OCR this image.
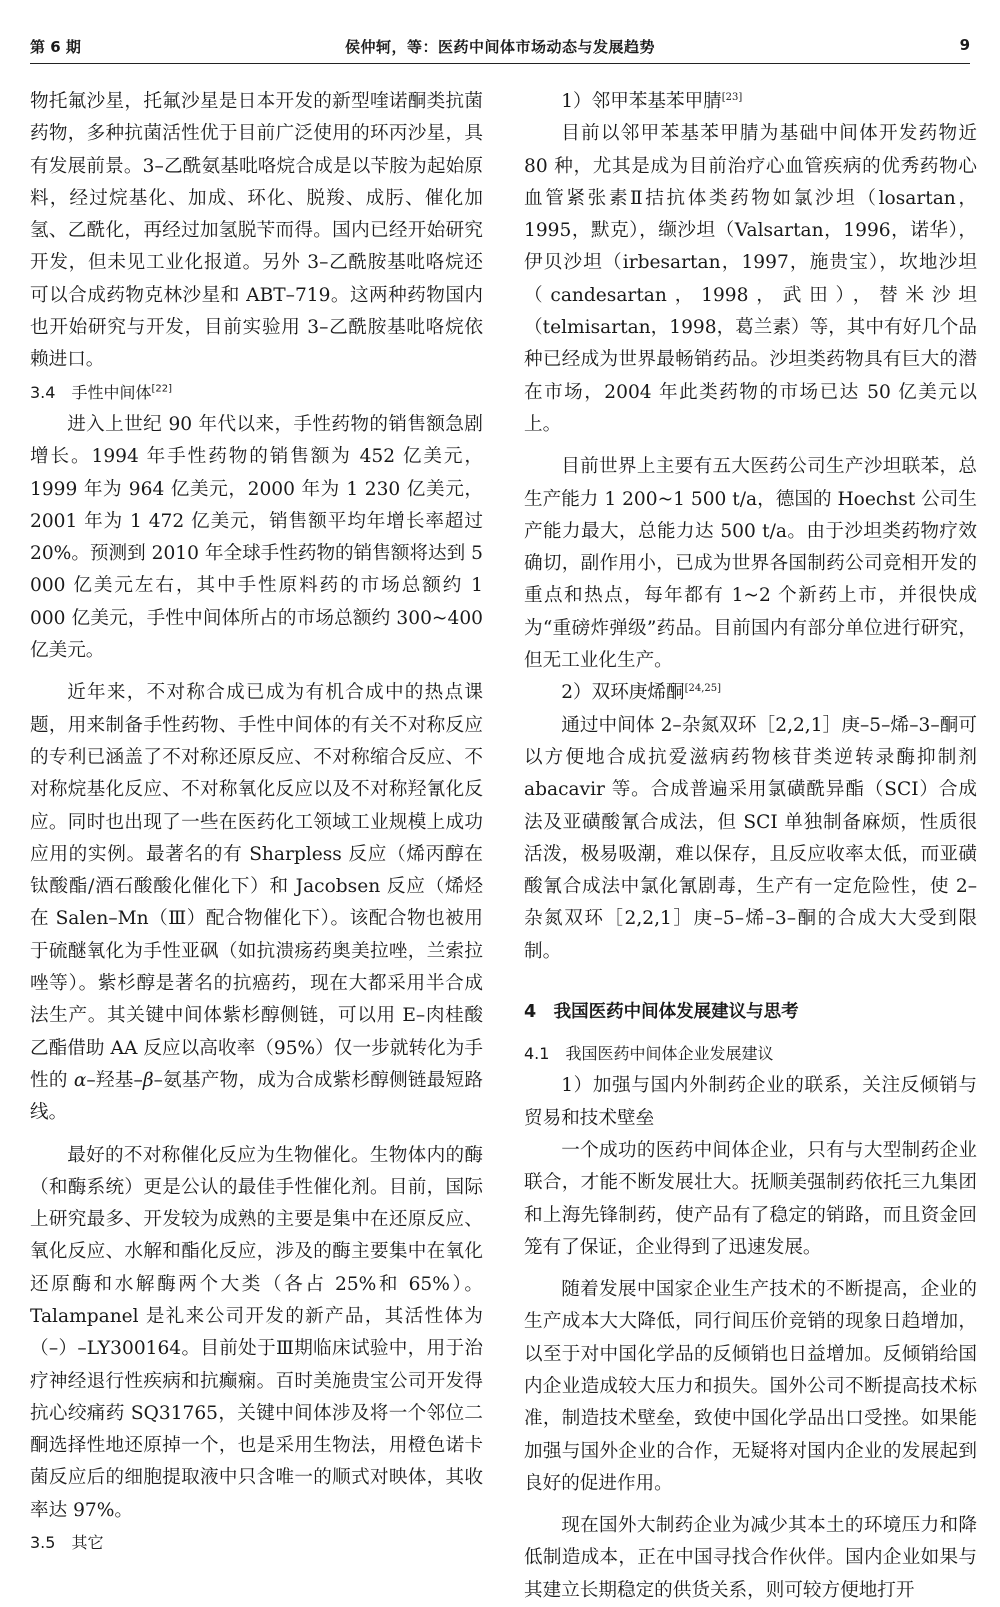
第 6 期	侯仲轲，等：医药中间体市场动态与发展趋势	9

物托氟沙星，托氟沙星是日本开发的新型喹诺酮类抗菌药物，多种抗菌活性优于目前广泛使用的环丙沙星，具有发展前景。3–乙酰氨基吡咯烷合成是以苄胺为起始原料，经过烷基化、加成、环化、脱羧、成肟、催化加氢、乙酰化，再经过加氢脱苄而得。国内已经开始研究开发，但未见工业化报道。另外 3–乙酰胺基吡咯烷还可以合成药物克林沙星和 ABT–719。这两种药物国内也开始研究与开发，目前实验用 3–乙酰胺基吡咯烷依赖进口。

3.4　手性中间体[22]

进入上世纪 90 年代以来，手性药物的销售额急剧增长。1994 年手性药物的销售额为 452 亿美元，1999 年为 964 亿美元，2000 年为 1 230 亿美元，2001 年为 1 472 亿美元，销售额平均年增长率超过 20%。预测到 2010 年全球手性药物的销售额将达到 5 000 亿美元左右，其中手性原料药的市场总额约 1 000 亿美元，手性中间体所占的市场总额约 300~400 亿美元。

近年来，不对称合成已成为有机合成中的热点课题，用来制备手性药物、手性中间体的有关不对称反应的专利已涵盖了不对称还原反应、不对称缩合反应、不对称烷基化反应、不对称氧化反应以及不对称羟氰化反应。同时也出现了一些在医药化工领域工业规模上成功应用的实例。最著名的有 Sharpless 反应（烯丙醇在钛酸酯/酒石酸酸化催化下）和 Jacobsen 反应（烯烃在 Salen–Mn（Ⅲ）配合物催化下）。该配合物也被用于硫醚氧化为手性亚砜（如抗溃疡药奥美拉唑，兰索拉唑等）。紫杉醇是著名的抗癌药，现在大都采用半合成法生产。其关键中间体紫杉醇侧链，可以用 E–肉桂酸乙酯借助 AA 反应以高收率（95%）仅一步就转化为手性的 α–羟基–β–氨基产物，成为合成紫杉醇侧链最短路线。

最好的不对称催化反应为生物催化。生物体内的酶（和酶系统）更是公认的最佳手性催化剂。目前，国际上研究最多、开发较为成熟的主要是集中在还原反应、氧化反应、水解和酯化反应，涉及的酶主要集中在氧化还原酶和水解酶两个大类（各占 25%和 65%）。Talampanel 是礼来公司开发的新产品，其活性体为（–）–LY300164。目前处于Ⅲ期临床试验中，用于治疗神经退行性疾病和抗癫痫。百时美施贵宝公司开发得抗心绞痛药 SQ31765，关键中间体涉及将一个邻位二酮选择性地还原掉一个，也是采用生物法，用橙色诺卡菌反应后的细胞提取液中只含唯一的顺式对映体，其收率达 97%。

3.5　其它
1）邻甲苯基苯甲腈[23]

目前以邻甲苯基苯甲腈为基础中间体开发药物近 80 种，尤其是成为目前治疗心血管疾病的优秀药物心血管紧张素Ⅱ拮抗体类药物如氯沙坦（losartan，1995，默克），缬沙坦（Valsartan，1996，诺华），伊贝沙坦（irbesartan，1997，施贵宝），坎地沙坦（candesartan，1998，武田），替米沙坦（telmisartan，1998，葛兰素）等，其中有好几个品种已经成为世界最畅销药品。沙坦类药物具有巨大的潜在市场，2004 年此类药物的市场已达 50 亿美元以上。

目前世界上主要有五大医药公司生产沙坦联苯，总生产能力 1 200~1 500 t/a，德国的 Hoechst 公司生产能力最大，总能力达 500 t/a。由于沙坦类药物疗效确切，副作用小，已成为世界各国制药公司竞相开发的重点和热点，每年都有 1~2 个新药上市，并很快成为“重磅炸弹级”药品。目前国内有部分单位进行研究，但无工业化生产。

2）双环庚烯酮[24,25]

通过中间体 2–杂氮双环［2,2,1］庚–5–烯–3–酮可以方便地合成抗爱滋病药物核苷类逆转录酶抑制剂 abacavir 等。合成普遍采用氯磺酰异酯（SCI）合成法及亚磺酸氰合成法，但 SCI 单独制备麻烦，性质很活泼，极易吸潮，难以保存，且反应收率太低，而亚磺酸氰合成法中氯化氰剧毒，生产有一定危险性，使 2–杂氮双环［2,2,1］庚–5–烯–3–酮的合成大大受到限制。

4　我国医药中间体发展建议与思考
4.1　我国医药中间体企业发展建议

1）加强与国内外制药企业的联系，关注反倾销与贸易和技术壁垒

一个成功的医药中间体企业，只有与大型制药企业联合，才能不断发展壮大。抚顺美强制药依托三九集团和上海先锋制药，使产品有了稳定的销路，而且资金回笼有了保证，企业得到了迅速发展。

随着发展中国家企业生产技术的不断提高，企业的生产成本大大降低，同行间压价竞销的现象日趋增加，以至于对中国化学品的反倾销也日益增加。反倾销给国内企业造成较大压力和损失。国外公司不断提高技术标准，制造技术壁垒，致使中国化学品出口受挫。如果能加强与国外企业的合作，无疑将对国内企业的发展起到良好的促进作用。

现在国外大制药企业为减少其本土的环境压力和降低制造成本，正在中国寻找合作伙伴。国内企业如果与其建立长期稳定的供货关系，则可较方便地打开
